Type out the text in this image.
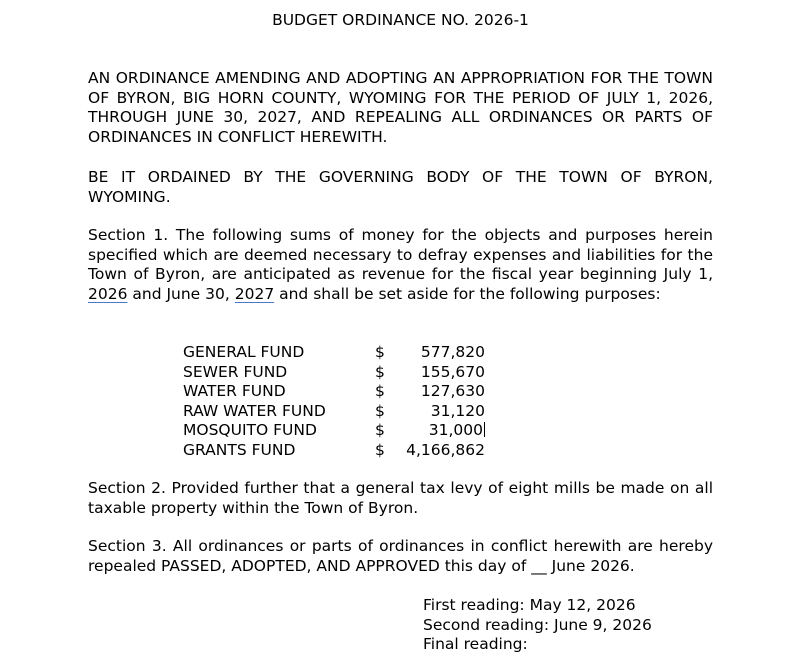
BUDGET ORDINANCE NO. 2026-1

AN ORDINANCE AMENDING AND ADOPTING AN APPROPRIATION FOR THE TOWN OF BYRON, BIG HORN COUNTY, WYOMING FOR THE PERIOD OF JULY 1, 2026, THROUGH JUNE 30, 2027, AND REPEALING ALL ORDINANCES OR PARTS OF ORDINANCES IN CONFLICT HEREWITH.

BE IT ORDAINED BY THE GOVERNING BODY OF THE TOWN OF BYRON, WYOMING.

Section 1. The following sums of money for the objects and purposes herein specified which are deemed necessary to defray expenses and liabilities for the Town of Byron, are anticipated as revenue for the fiscal year beginning July 1, 2026 and June 30, 2027 and shall be set aside for the following purposes:

GENERAL FUND	$	577,820
SEWER FUND	$	155,670
WATER FUND	$	127,630
RAW WATER FUND	$	31,120
MOSQUITO FUND	$	31,000
GRANTS FUND	$	4,166,862

Section 2. Provided further that a general tax levy of eight mills be made on all taxable property within the Town of Byron.

Section 3. All ordinances or parts of ordinances in conflict herewith are hereby repealed PASSED, ADOPTED, AND APPROVED this day of __ June 2026.

First reading: May 12, 2026
Second reading: June 9, 2026
Final reading:
